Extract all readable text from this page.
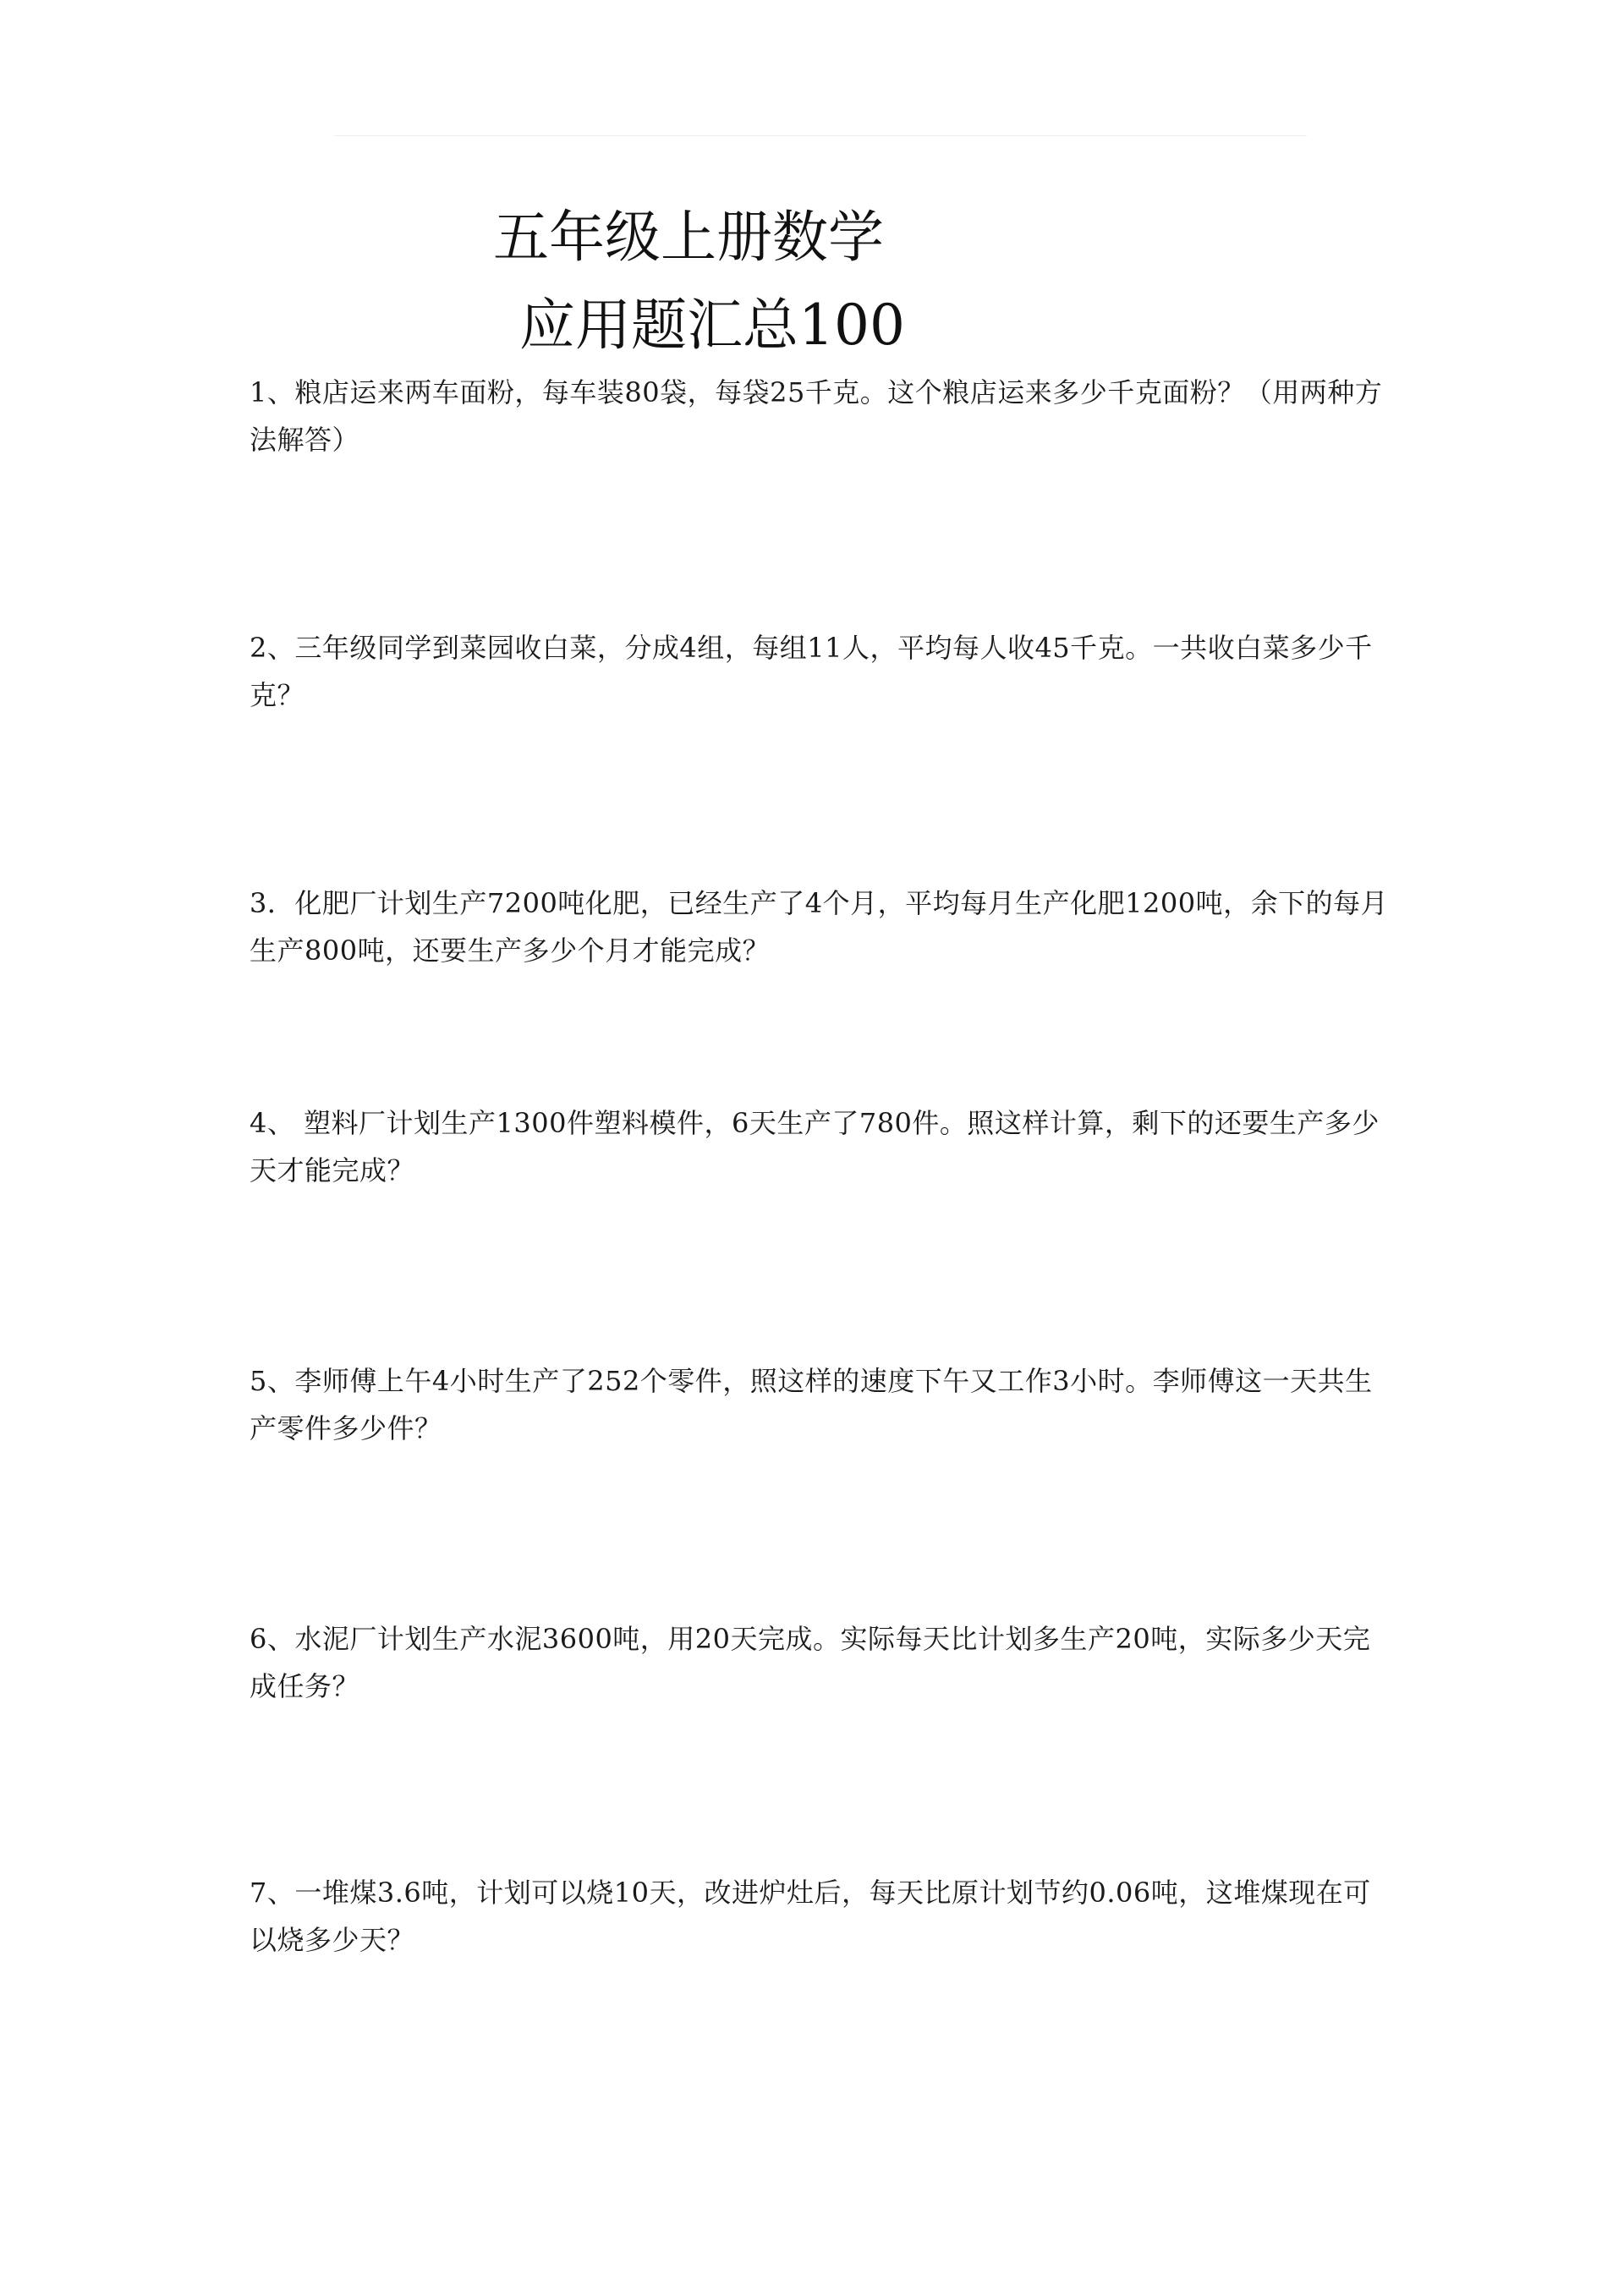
五年级上册数学
应用题汇总100
1、粮店运来两车面粉，每车装80袋，每袋25千克。这个粮店运来多少千克面粉？（用两种方法解答）
2、三年级同学到菜园收白菜，分成4组，每组11人，平均每人收45千克。一共收白菜多少千克？
3．化肥厂计划生产7200吨化肥，已经生产了4个月，平均每月生产化肥1200吨，余下的每月生产800吨，还要生产多少个月才能完成？
4、 塑料厂计划生产1300件塑料模件，6天生产了780件。照这样计算，剩下的还要生产多少天才能完成？
5、李师傅上午4小时生产了252个零件，照这样的速度下午又工作3小时。李师傅这一天共生产零件多少件？
6、水泥厂计划生产水泥3600吨，用20天完成。实际每天比计划多生产20吨，实际多少天完成任务？
7、一堆煤3.6吨，计划可以烧10天，改进炉灶后，每天比原计划节约0.06吨，这堆煤现在可以烧多少天？
